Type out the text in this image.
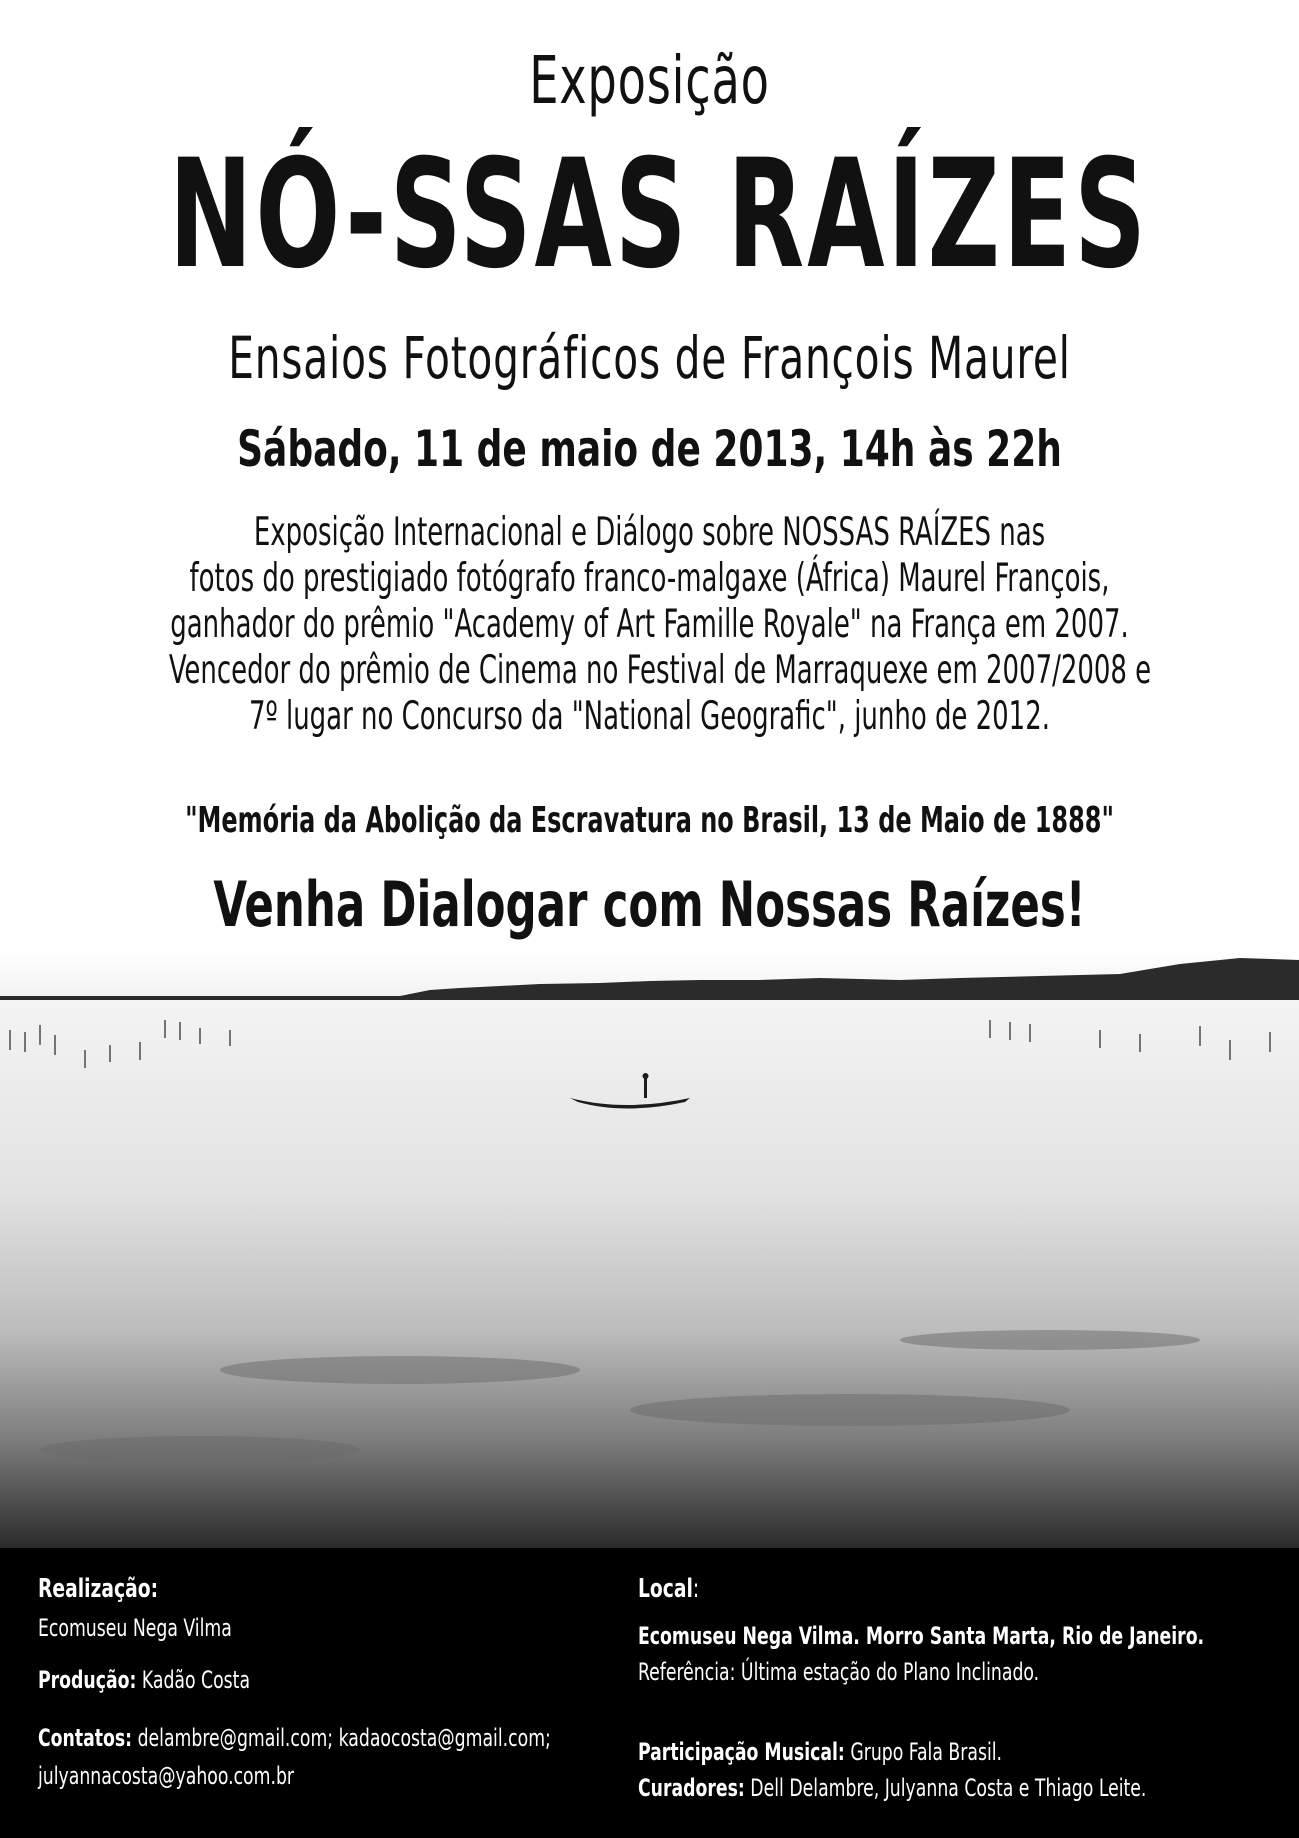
Exposição
NÓ-SSAS RAÍZES
Ensaios Fotográficos de François Maurel
Sábado, 11 de maio de 2013, 14h às 22h
Exposição Internacional e Diálogo sobre NOSSAS RAÍZES nas
fotos do prestigiado fotógrafo franco-malgaxe (África) Maurel François,
ganhador do prêmio "Academy of Art Famille Royale" na França em 2007.
Vencedor do prêmio de Cinema no Festival de Marraquexe em 2007/2008 e
7º lugar no Concurso da "National Geografic", junho de 2012.
"Memória da Abolição da Escravatura no Brasil, 13 de Maio de 1888"
Venha Dialogar com Nossas Raízes!
Realização:
Ecomuseu Nega Vilma
Produção: Kadão Costa
Contatos: delambre@gmail.com; kadaocosta@gmail.com;
julyannacosta@yahoo.com.br
Local:
Ecomuseu Nega Vilma. Morro Santa Marta, Rio de Janeiro.
Referência: Última estação do Plano Inclinado.
Participação Musical: Grupo Fala Brasil.
Curadores: Dell Delambre, Julyanna Costa e Thiago Leite.
